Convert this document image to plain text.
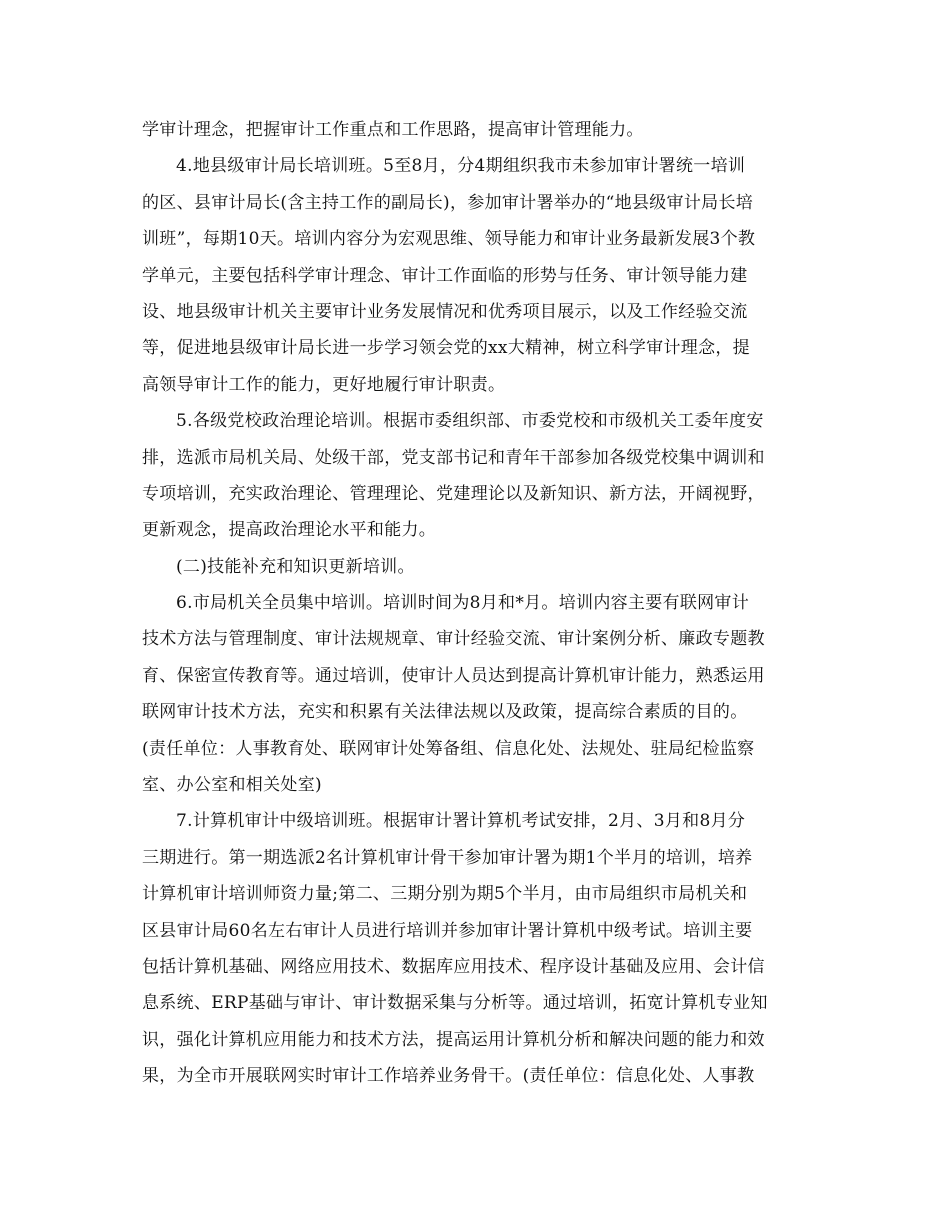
学审计理念，把握审计工作重点和工作思路，提高审计管理能力。
4.地县级审计局长培训班。5至8月，分4期组织我市未参加审计署统一培训
的区、县审计局长(含主持工作的副局长)，参加审计署举办的“地县级审计局长培
训班”，每期10天。培训内容分为宏观思维、领导能力和审计业务最新发展3个教
学单元，主要包括科学审计理念、审计工作面临的形势与任务、审计领导能力建
设、地县级审计机关主要审计业务发展情况和优秀项目展示，以及工作经验交流
等，促进地县级审计局长进一步学习领会党的xx大精神，树立科学审计理念，提
高领导审计工作的能力，更好地履行审计职责。
5.各级党校政治理论培训。根据市委组织部、市委党校和市级机关工委年度安
排，选派市局机关局、处级干部，党支部书记和青年干部参加各级党校集中调训和
专项培训，充实政治理论、管理理论、党建理论以及新知识、新方法，开阔视野，
更新观念，提高政治理论水平和能力。
(二)技能补充和知识更新培训。
6.市局机关全员集中培训。培训时间为8月和*月。培训内容主要有联网审计
技术方法与管理制度、审计法规规章、审计经验交流、审计案例分析、廉政专题教
育、保密宣传教育等。通过培训，使审计人员达到提高计算机审计能力，熟悉运用
联网审计技术方法，充实和积累有关法律法规以及政策，提高综合素质的目的。
(责任单位：人事教育处、联网审计处筹备组、信息化处、法规处、驻局纪检监察
室、办公室和相关处室)
7.计算机审计中级培训班。根据审计署计算机考试安排，2月、3月和8月分
三期进行。第一期选派2名计算机审计骨干参加审计署为期1个半月的培训，培养
计算机审计培训师资力量;第二、三期分别为期5个半月，由市局组织市局机关和
区县审计局60名左右审计人员进行培训并参加审计署计算机中级考试。培训主要
包括计算机基础、网络应用技术、数据库应用技术、程序设计基础及应用、会计信
息系统、ERP基础与审计、审计数据采集与分析等。通过培训，拓宽计算机专业知
识，强化计算机应用能力和技术方法，提高运用计算机分析和解决问题的能力和效
果，为全市开展联网实时审计工作培养业务骨干。(责任单位：信息化处、人事教
